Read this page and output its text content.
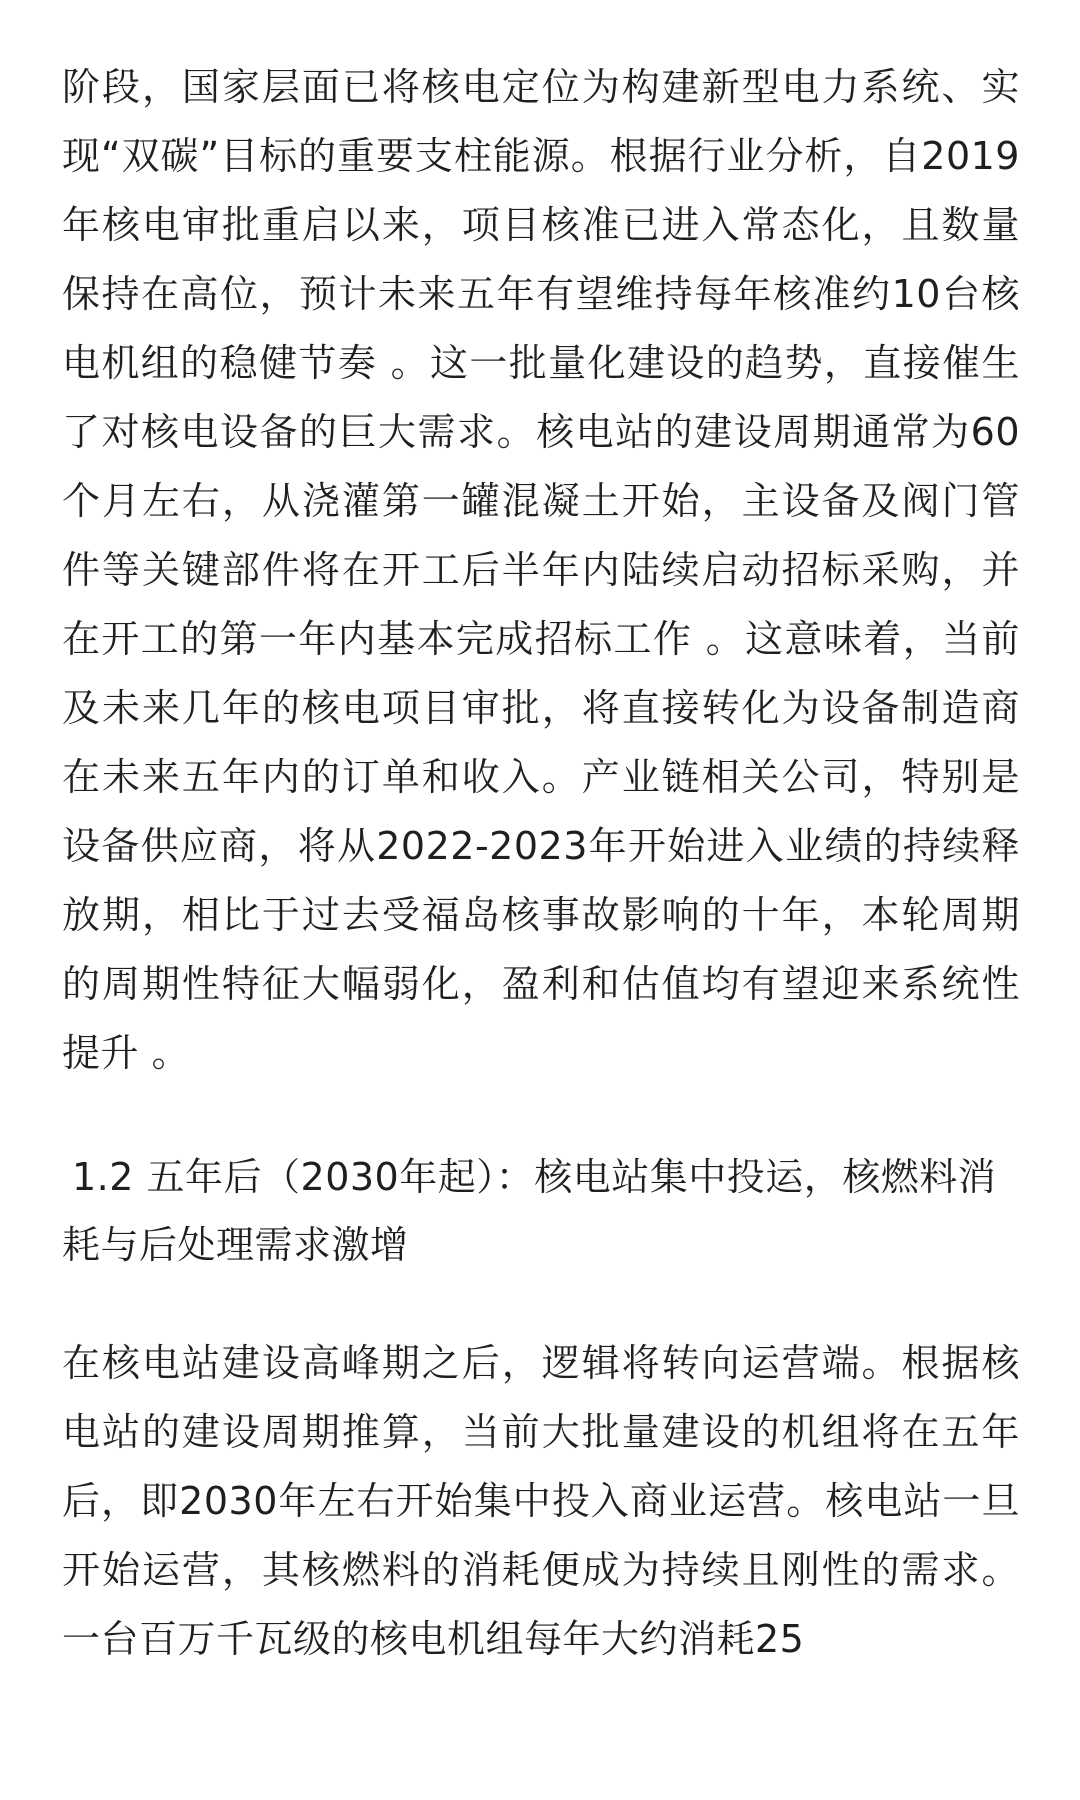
阶段，国家层面已将核电定位为构建新型电力系统、实现“双碳”目标的重要支柱能源。根据行业分析，自2019年核电审批重启以来，项目核准已进入常态化，且数量保持在高位，预计未来五年有望维持每年核准约10台核电机组的稳健节奏 。这一批量化建设的趋势，直接催生了对核电设备的巨大需求。核电站的建设周期通常为60个月左右，从浇灌第一罐混凝土开始，主设备及阀门管件等关键部件将在开工后半年内陆续启动招标采购，并在开工的第一年内基本完成招标工作 。这意味着，当前及未来几年的核电项目审批，将直接转化为设备制造商在未来五年内的订单和收入。产业链相关公司，特别是设备供应商，将从2022-2023年开始进入业绩的持续释放期，相比于过去受福岛核事故影响的十年，本轮周期的周期性特征大幅弱化，盈利和估值均有望迎来系统性提升 。

1.2 五年后（2030年起）：核电站集中投运，核燃料消耗与后处理需求激增

在核电站建设高峰期之后，逻辑将转向运营端。根据核电站的建设周期推算，当前大批量建设的机组将在五年后，即2030年左右开始集中投入商业运营。核电站一旦开始运营，其核燃料的消耗便成为持续且刚性的需求。一台百万千瓦级的核电机组每年大约消耗25
